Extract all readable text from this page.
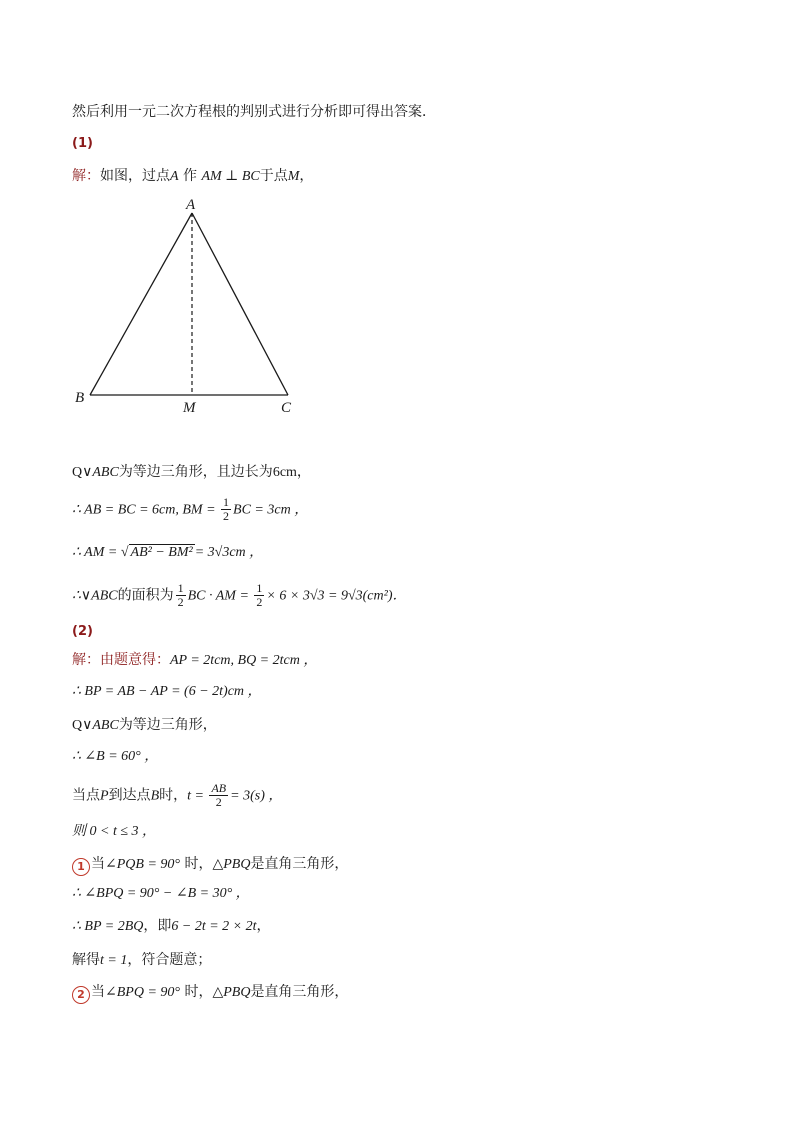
然后利用一元二次方程根的判别式进行分析即可得出答案．
(1)
解：如图，过点A 作 AM ⊥ BC于点M，
A
B
M	C
Q∨ABC为等边三角形，且边长为6cm，
∴ AB = BC = 6cm, BM = $\frac{1}{2}$ BC = 3cm ，
∴ AM = √ AB² − BM² = 3√3cm ，
∴∨ABC的面积为 $\frac{1}{2}$ BC · AM = $\frac{1}{2} \times 6 \times 3√3 = 9√3(cm^2)$．
(2)
解：由题意得：AP = 2tcm, BQ = 2tcm ，
∴ BP = AB − AP = (6 − 2t)cm ，
Q∨ABC为等边三角形，
∴ ∠B = 60° ，
当点P到达点B时，$t = \frac{AB}{2} = 3(s)$ ，
则 0 < t ≤ 3 ，
1 当∠PQB = 90° 时，△PBQ是直角三角形，
∴ ∠BPQ = 90° − ∠B = 30° ，
∴ BP = 2BQ，即6 − 2t = 2 × 2t，
解得t = 1，符合题意；
2 当∠BPQ = 90° 时，△PBQ是直角三角形，
